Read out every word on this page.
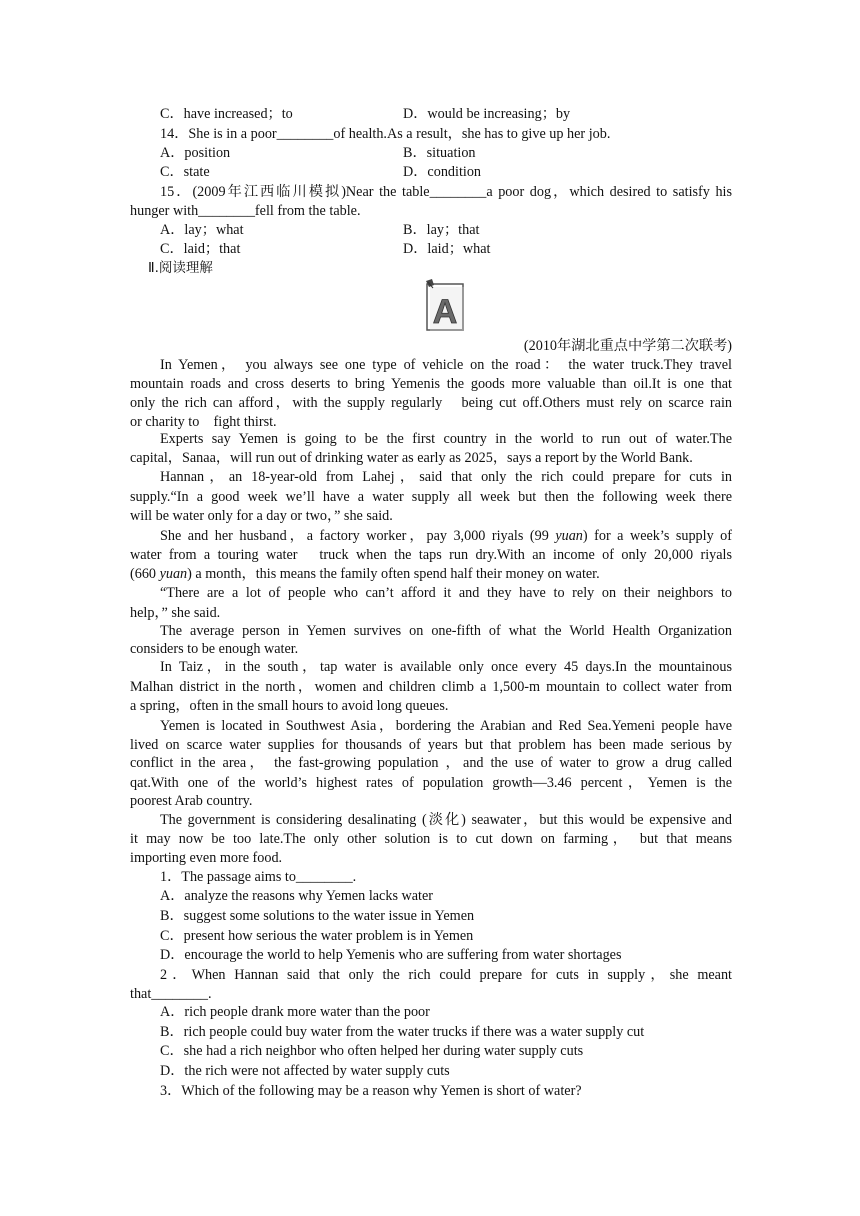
C．have increased；to	D．would be increasing；by
14．She is in a poor________of health.As a result，she has to give up her job.
A．position	B．situation
C．state	D．condition
15．(2009年江西临川模拟)Near the table________a poor dog，which desired to satisfy his
hunger with________fell from the table.
A．lay；what	B．lay；that
C．laid；that	D．laid；what
Ⅱ.阅读理解
A
(2010年湖北重点中学第二次联考)
In Yemen， you always see one type of vehicle on the road： the water truck.They travel
mountain roads and cross deserts to bring Yemenis the goods more valuable than oil.It is one that
only the rich can afford，with the supply regularly　being cut off.Others must rely on scarce rain
or charity to　fight thirst.
Experts say Yemen is going to be the first country in the world to run out of water.The
capital，Sanaa，will run out of drinking water as early as 2025，says a report by the World Bank.
Hannan，an 18-year-old from Lahej，said that only the rich could prepare for cuts in
supply.“In a good week we’ll have a water supply all week but then the following week there
will be water only for a day or two，” she said.
She and her husband，a factory worker，pay 3,000 riyals (99 yuan) for a week’s supply of
water from a touring water　truck when the taps run dry.With an income of only 20,000 riyals
(660 yuan) a month，this means the family often spend half their money on water.
“There are a lot of people who can’t afford it and they have to rely on their neighbors to
help，” she said.
The average person in Yemen survives on one-fifth of what the World Health Organization
considers to be enough water.
In Taiz，in the south，tap water is available only once every 45 days.In the mountainous
Malhan district in the north，women and children climb a 1,500-m mountain to collect water from
a spring，often in the small hours to avoid long queues.
Yemen is located in Southwest Asia，bordering the Arabian and Red Sea.Yemeni people have
lived on scarce water supplies for thousands of years but that problem has been made serious by
conflict in the area， the fast-growing population ，and the use of water to grow a drug called
qat.With one of the world’s highest rates of population growth—3.46 percent，Yemen is the
poorest Arab country.
The government is considering desalinating (淡化) seawater，but this would be expensive and
it may now be too late.The only other solution is to cut down on farming， but that means
importing even more food.
1．The passage aims to________.
A．analyze the reasons why Yemen lacks water
B．suggest some solutions to the water issue in Yemen
C．present how serious the water problem is in Yemen
D．encourage the world to help Yemenis who are suffering from water shortages
2．When Hannan said that only the rich could prepare for cuts in supply，she meant
that________.
A．rich people drank more water than the poor
B．rich people could buy water from the water trucks if there was a water supply cut
C．she had a rich neighbor who often helped her during water supply cuts
D．the rich were not affected by water supply cuts
3．Which of the following may be a reason why Yemen is short of water?
